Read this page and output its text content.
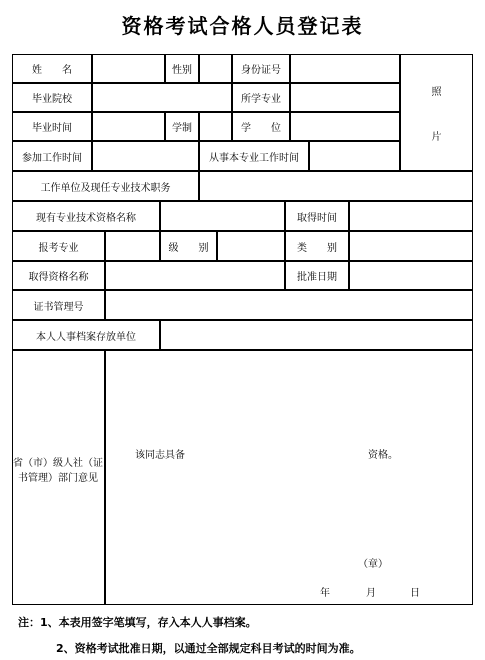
资格考试合格人员登记表
姓　　名	性别	身份证号
照
片
毕业院校	所学专业
毕业时间	学制	学　　位
参加工作时间	从事本专业工作时间
工作单位及现任专业技术职务
现有专业技术资格名称	取得时间
报考专业	级　　别	类　　别
取得资格名称	批准日期
证书管理号
本人人事档案存放单位
省（市）级人社（证书管理）部门意见
该同志具备	资格。
（章）
年	月	日
注：1、本表用签字笔填写，存入本人人事档案。
2、资格考试批准日期，以通过全部规定科目考试的时间为准。
